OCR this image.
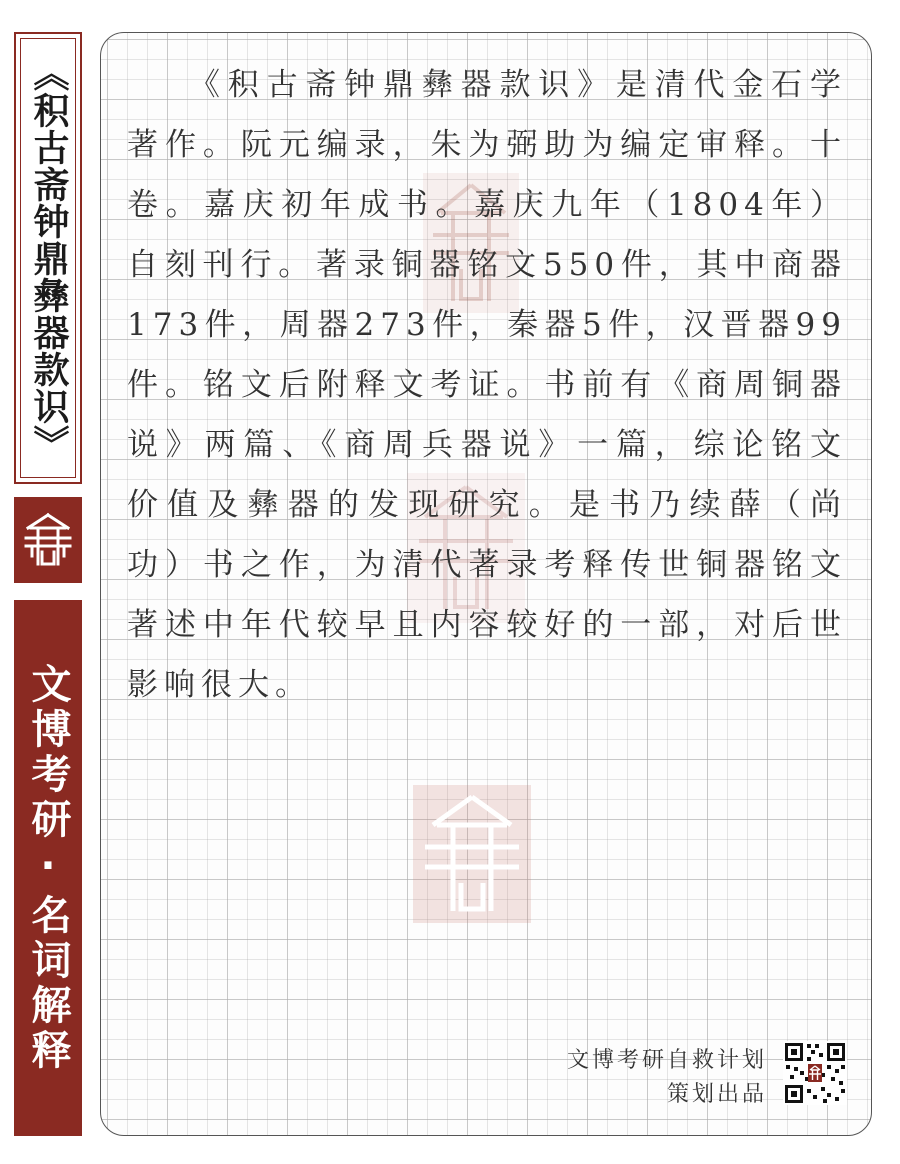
《积古斋钟鼎彝器款识》
文博考研·名词解释

《积古斋钟鼎彝器款识》是清代金石学著作。阮元编录，朱为弼助为编定审释。十卷。嘉庆初年成书。嘉庆九年（1804年）自刻刊行。著录铜器铭文550件，其中商器173件，周器273件，秦器5件，汉晋器99件。铭文后附释文考证。书前有《商周铜器说》两篇、《商周兵器说》一篇，综论铭文价值及彝器的发现研究。是书乃续薛（尚功）书之作，为清代著录考释传世铜器铭文著述中年代较早且内容较好的一部，对后世影响很大。

文博考研自救计划
策划出品
